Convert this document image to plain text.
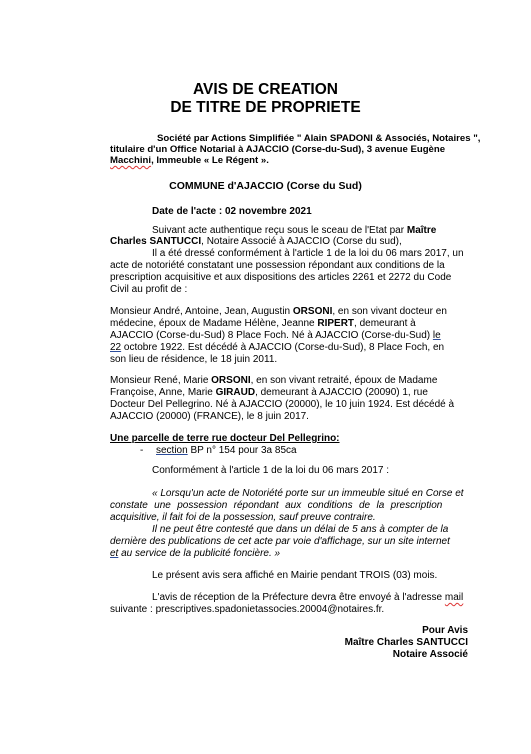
AVIS DE CREATION
DE TITRE DE PROPRIETE
Société par Actions Simplifiée " Alain SPADONI & Associés, Notaires ",
titulaire d'un Office Notarial à AJACCIO (Corse-du-Sud), 3 avenue Eugène
Macchini, Immeuble « Le Régent ».
COMMUNE d'AJACCIO (Corse du Sud)
Date de l'acte : 02 novembre 2021
Suivant acte authentique reçu sous le sceau de l'Etat par Maître
Charles SANTUCCI, Notaire Associé à AJACCIO (Corse du sud),
Il a été dressé conformément à l'article 1 de la loi du 06 mars 2017, un
acte de notoriété constatant une possession répondant aux conditions de la
prescription acquisitive et aux dispositions des articles 2261 et 2272 du Code
Civil au profit de :
Monsieur André, Antoine, Jean, Augustin ORSONI, en son vivant docteur en
médecine, époux de Madame Hélène, Jeanne RIPERT, demeurant à
AJACCIO (Corse-du-Sud) 8 Place Foch. Né à AJACCIO (Corse-du-Sud) le
22 octobre 1922. Est décédé à AJACCIO (Corse-du-Sud), 8 Place Foch, en
son lieu de résidence, le 18 juin 2011.
Monsieur René, Marie ORSONI, en son vivant retraité, époux de Madame
Françoise, Anne, Marie GIRAUD, demeurant à AJACCIO (20090) 1, rue
Docteur Del Pellegrino. Né à AJACCIO (20000), le 10 juin 1924. Est décédé à
AJACCIO (20000) (FRANCE), le 8 juin 2017.
Une parcelle de terre rue docteur Del Pellegrino:
- section BP n° 154 pour 3a 85ca
Conformément à l'article 1 de la loi du 06 mars 2017 :
« Lorsqu'un acte de Notoriété porte sur un immeuble situé en Corse et
constate une possession répondant aux conditions de la prescription
acquisitive, il fait foi de la possession, sauf preuve contraire.
Il ne peut être contesté que dans un délai de 5 ans à compter de la
dernière des publications de cet acte par voie d'affichage, sur un site internet
et au service de la publicité foncière. »
Le présent avis sera affiché en Mairie pendant TROIS (03) mois.
L'avis de réception de la Préfecture devra être envoyé à l'adresse mail
suivante : prescriptives.spadonietassocies.20004@notaires.fr.
Pour Avis
Maître Charles SANTUCCI
Notaire Associé
